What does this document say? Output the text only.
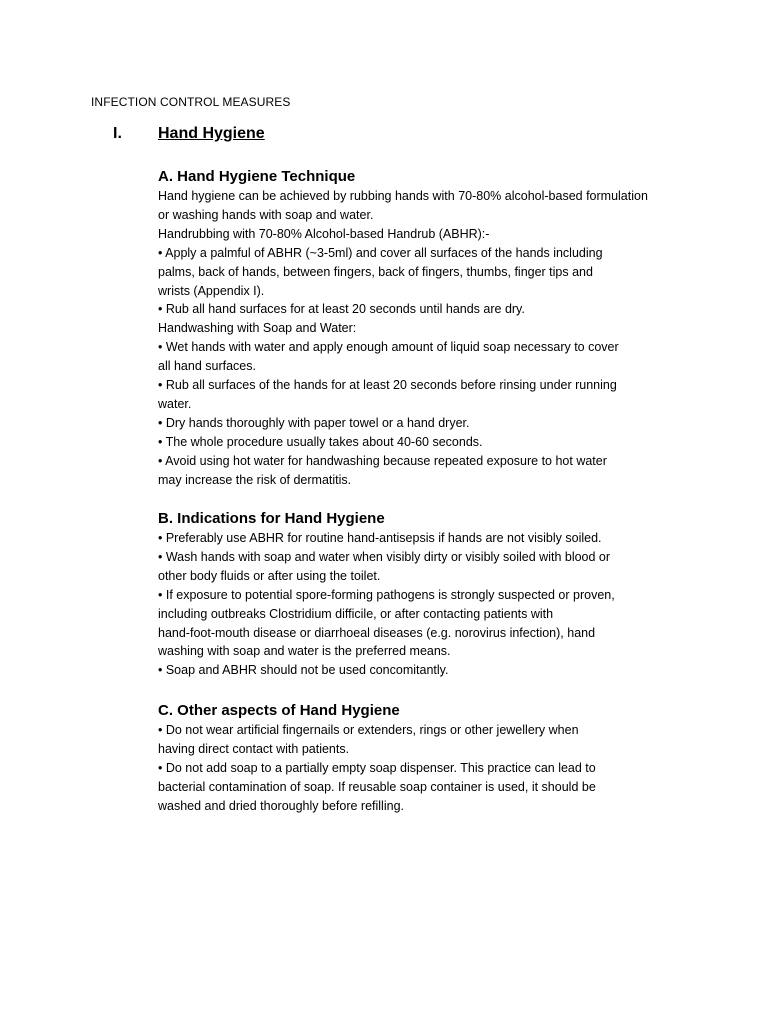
INFECTION CONTROL MEASURES
I. Hand Hygiene
A. Hand Hygiene Technique
Hand hygiene can be achieved by rubbing hands with 70-80% alcohol-based formulation
or washing hands with soap and water.
Handrubbing with 70-80% Alcohol-based Handrub (ABHR):-
• Apply a palmful of ABHR (~3-5ml) and cover all surfaces of the hands including
palms, back of hands, between fingers, back of fingers, thumbs, finger tips and
wrists (Appendix I).
• Rub all hand surfaces for at least 20 seconds until hands are dry.
Handwashing with Soap and Water:
• Wet hands with water and apply enough amount of liquid soap necessary to cover
all hand surfaces.
• Rub all surfaces of the hands for at least 20 seconds before rinsing under running
water.
• Dry hands thoroughly with paper towel or a hand dryer.
• The whole procedure usually takes about 40-60 seconds.
• Avoid using hot water for handwashing because repeated exposure to hot water
may increase the risk of dermatitis.
B. Indications for Hand Hygiene
• Preferably use ABHR for routine hand-antisepsis if hands are not visibly soiled.
• Wash hands with soap and water when visibly dirty or visibly soiled with blood or
other body fluids or after using the toilet.
• If exposure to potential spore-forming pathogens is strongly suspected or proven,
including outbreaks Clostridium difficile, or after contacting patients with
hand-foot-mouth disease or diarrhoeal diseases (e.g. norovirus infection), hand
washing with soap and water is the preferred means.
• Soap and ABHR should not be used concomitantly.
C. Other aspects of Hand Hygiene
• Do not wear artificial fingernails or extenders, rings or other jewellery when
having direct contact with patients.
• Do not add soap to a partially empty soap dispenser. This practice can lead to
bacterial contamination of soap. If reusable soap container is used, it should be
washed and dried thoroughly before refilling.
